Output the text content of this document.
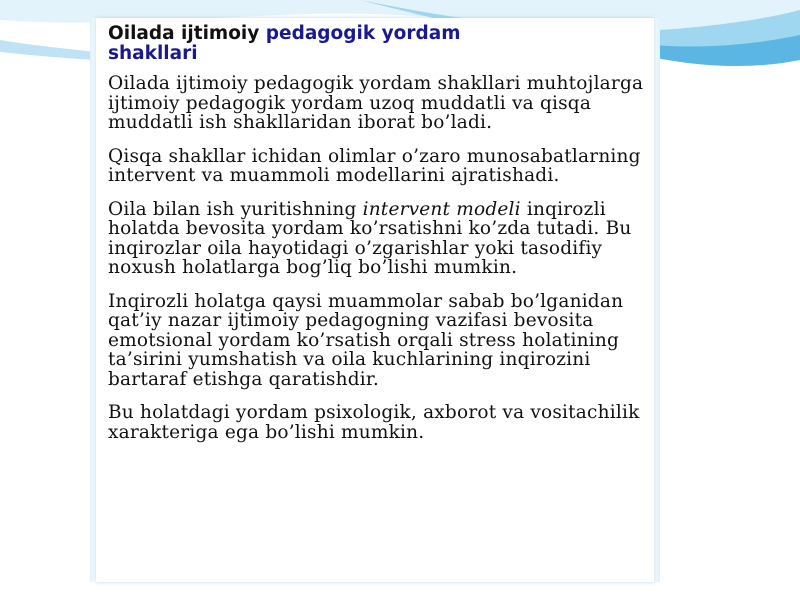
Oilada ijtimoiy pedagogik yordam
shakllari

Oilada ijtimoiy pedagogik yordam shakllari muhtojlarga ijtimoiy pedagogik yordam uzoq muddatli va qisqa muddatli ish shakllaridan iborat bo’ladi.

Qisqa shakllar ichidan olimlar o’zaro munosabatlarning intervent va muammoli modellarini ajratishadi.

Oila bilan ish yuritishning intervent modeli inqirozli holatda bevosita yordam ko’rsatishni ko’zda tutadi. Bu inqirozlar oila hayotidagi o’zgarishlar yoki tasodifiy noxush holatlarga bog’liq bo’lishi mumkin.

Inqirozli holatga qaysi muammolar sabab bo’lganidan qat’iy nazar ijtimoiy pedagogning vazifasi bevosita emotsional yordam ko’rsatish orqali stress holatining ta’sirini yumshatish va oila kuchlarining inqirozini bartaraf etishga qaratishdir.

Bu holatdagi yordam psixologik, axborot va vositachilik xarakteriga ega bo’lishi mumkin.
